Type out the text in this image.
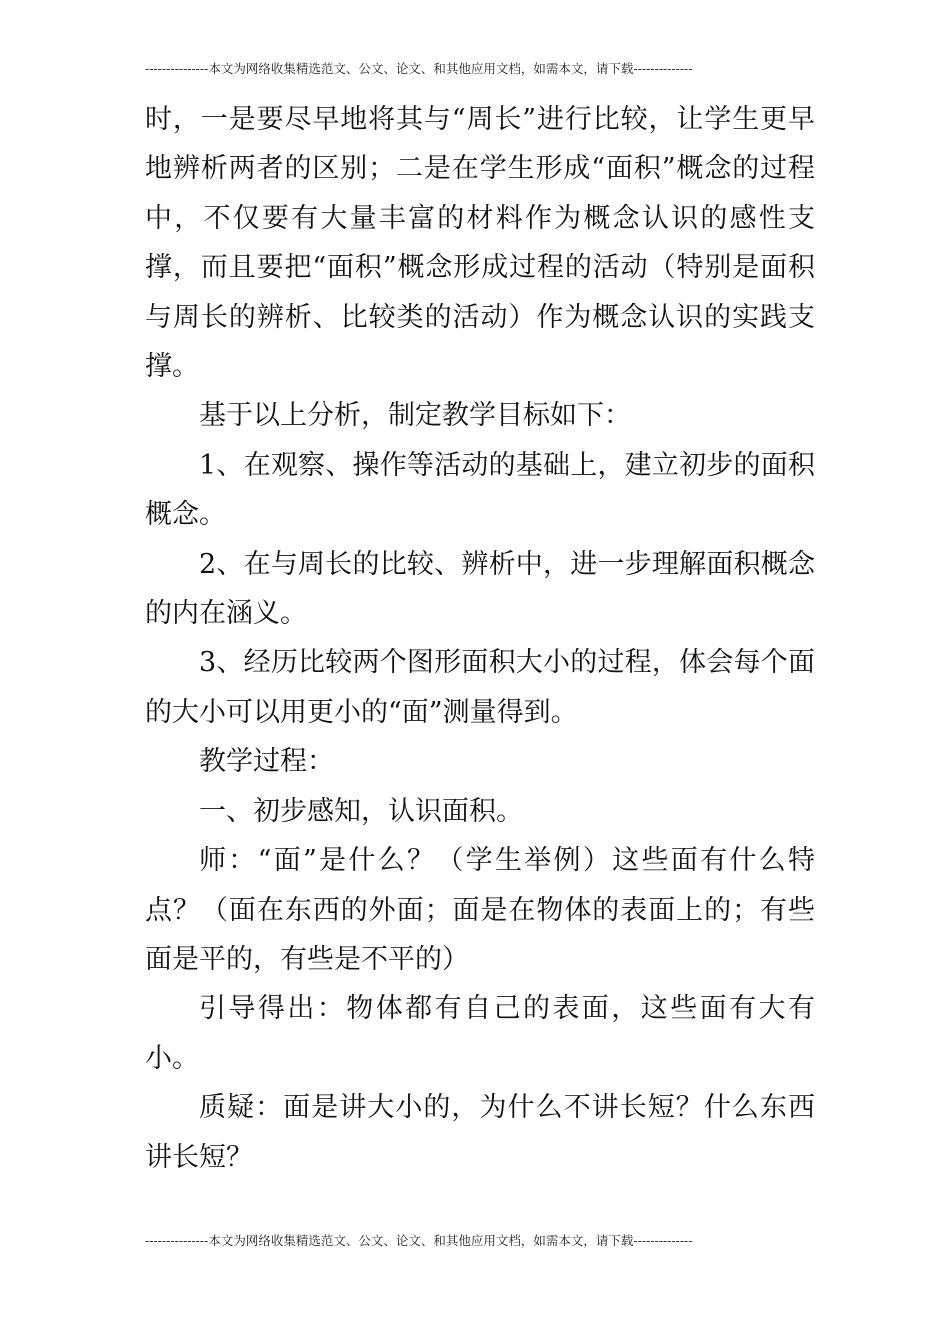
---------------本文为网络收集精选范文、公文、论文、和其他应用文档，如需本文，请下载--------------

时，一是要尽早地将其与“周长”进行比较，让学生更早地辨析两者的区别；二是在学生形成“面积”概念的过程中，不仅要有大量丰富的材料作为概念认识的感性支撑，而且要把“面积”概念形成过程的活动（特别是面积与周长的辨析、比较类的活动）作为概念认识的实践支撑。

基于以上分析，制定教学目标如下：

1、在观察、操作等活动的基础上，建立初步的面积概念。

2、在与周长的比较、辨析中，进一步理解面积概念的内在涵义。

3、经历比较两个图形面积大小的过程，体会每个面的大小可以用更小的“面”测量得到。

教学过程：

一、初步感知，认识面积。

师：“面”是什么？（学生举例）这些面有什么特点？（面在东西的外面；面是在物体的表面上的；有些面是平的，有些是不平的）

引导得出：物体都有自己的表面，这些面有大有小。

质疑：面是讲大小的，为什么不讲长短？什么东西讲长短？

---------------本文为网络收集精选范文、公文、论文、和其他应用文档，如需本文，请下载--------------
